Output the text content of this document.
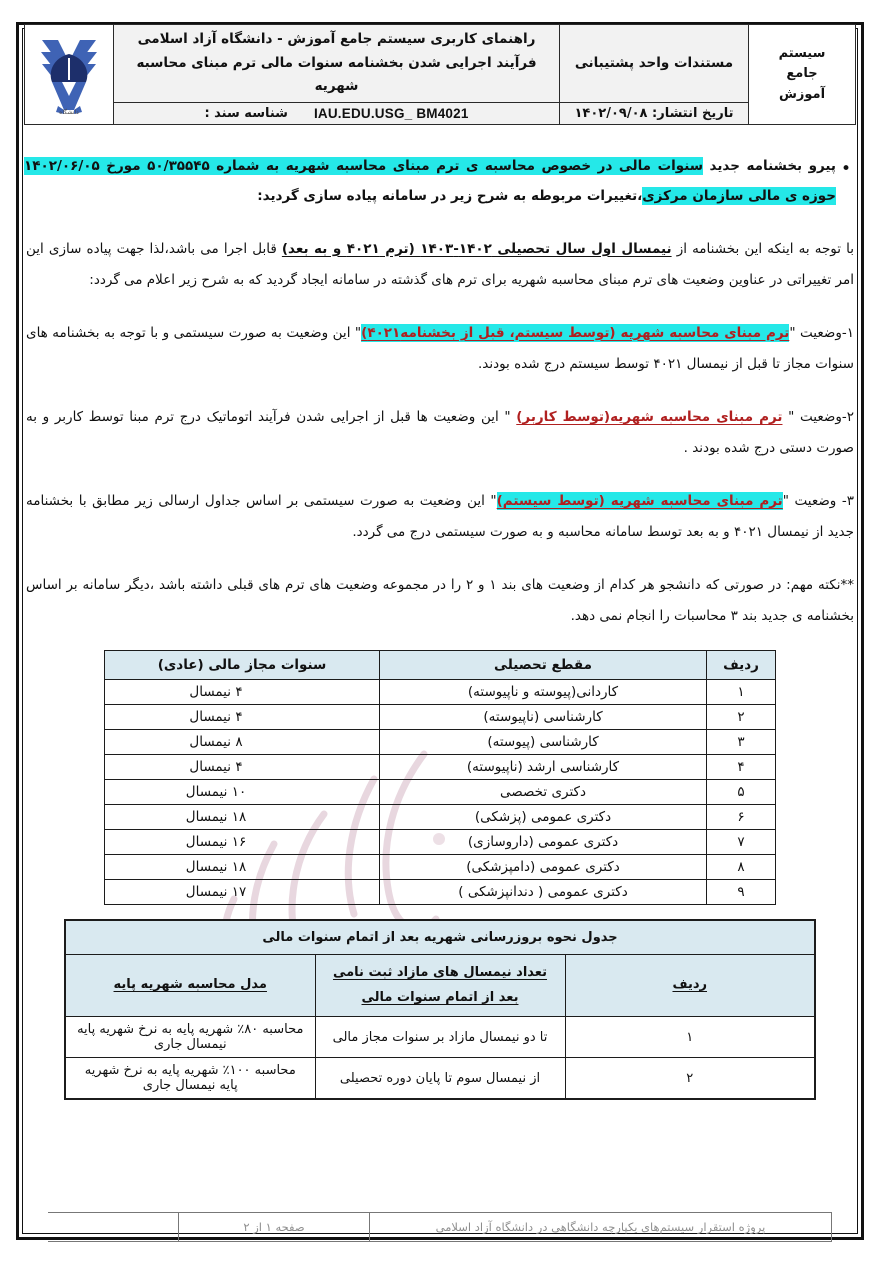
سیستم
جامع
آموزش
	مستندات واحد پشتیبانی	
راهنمای کاربری سیستم جامع آموزش - دانشگاه آزاد اسلامی
فرآیند اجرایی شدن بخشنامه سنوات مالی ترم مبنای محاسبه شهریه

دانشگاه

	تاریخ انتشار: ۱۴۰۲/۰۹/۰۸	IAU.EDU.USG_ BM4021
شناسه سند :	
•
پیرو بخشنامه جدید سنوات مالی در خصوص محاسبه ی ترم مبنای محاسبه شهریه به شماره ۵۰/۳۵۵۴۵ مورخ ۱۴۰۲/۰۶/۰۵ حوزه ی مالی سازمان مرکزی،تغییرات مربوطه به شرح زیر در سامانه پیاده سازی گردید:

با توجه به اینکه این بخشنامه از نیمسال اول سال تحصیلی ۱۴۰۲-۱۴۰۳ (ترم ۴۰۲۱ و به بعد) قابل اجرا می باشد،لذا جهت پیاده سازی این امر تغییراتی در عناوین وضعیت های ترم مبنای محاسبه شهریه برای ترم های گذشته در سامانه ایجاد گردید که به شرح زیر اعلام می گردد:

۱-وضعیت "ترم مبنای محاسبه شهریه (توسط سیستم، قبل از بخشنامه۴۰۲۱)" این وضعیت به صورت سیستمی و با توجه به بخشنامه های سنوات مجاز تا قبل از نیمسال ۴۰۲۱ توسط سیستم درج شده بودند.

۲-وضعیت " ترم مبنای محاسبه شهریه(توسط کاربر) " این وضعیت ها قبل از اجرایی شدن فرآیند اتوماتیک درج ترم مبنا توسط کاربر و به صورت دستی درج شده بودند .

۳- وضعیت "ترم مبنای محاسبه شهریه (توسط سیستم)" این وضعیت به صورت سیستمی بر اساس جداول ارسالی زیر مطابق با بخشنامه جدید از نیمسال ۴۰۲۱ و به بعد توسط سامانه محاسبه و به صورت سیستمی درج می گردد.

**نکته مهم: در صورتی که دانشجو هر کدام از وضعیت های بند ۱ و ۲ را در مجموعه وضعیت های ترم های قبلی داشته باشد ،دیگر سامانه بر اساس بخشنامه ی جدید بند ۳ محاسبات را انجام نمی دهد.

ردیف	مقطع تحصیلی	سنوات مجاز مالی (عادی)
۱	کاردانی(پیوسته و ناپیوسته)	۴ نیمسال

۲	کارشناسی (ناپیوسته)	۴ نیمسال

۳	کارشناسی (پیوسته)	۸ نیمسال

۴	کارشناسی ارشد (ناپیوسته)	۴ نیمسال

۵	دکتری تخصصی	۱۰ نیمسال

۶	دکتری عمومی (پزشکی)	۱۸ نیمسال

۷	دکتری عمومی (داروسازی)	۱۶ نیمسال

۸	دکتری عمومی (دامپزشکی)	۱۸ نیمسال

۹	دکتری عمومی ( دندانپزشکی )	۱۷ نیمسال
جدول نحوه بروزرسانی شهریه بعد از اتمام سنوات مالی		
ردیف	تعداد نیمسال های مازاد ثبت نامی بعد از اتمام سنوات مالی	مدل محاسبه شهریه پایه
۱	تا دو نیمسال مازاد بر سنوات مجاز مالی	محاسبه ۸۰٪ شهریه پایه به نرخ شهریه پایه نیمسال جاری
۲	از نیمسال سوم تا پایان دوره تحصیلی	محاسبه ۱۰۰٪ شهریه پایه به نرخ شهریه پایه نیمسال جاری
پروژه استقرار سیستم‌های یکپارچه دانشگاهی در دانشگاه آزاد اسلامی	صفحه ۱ از ۲	
